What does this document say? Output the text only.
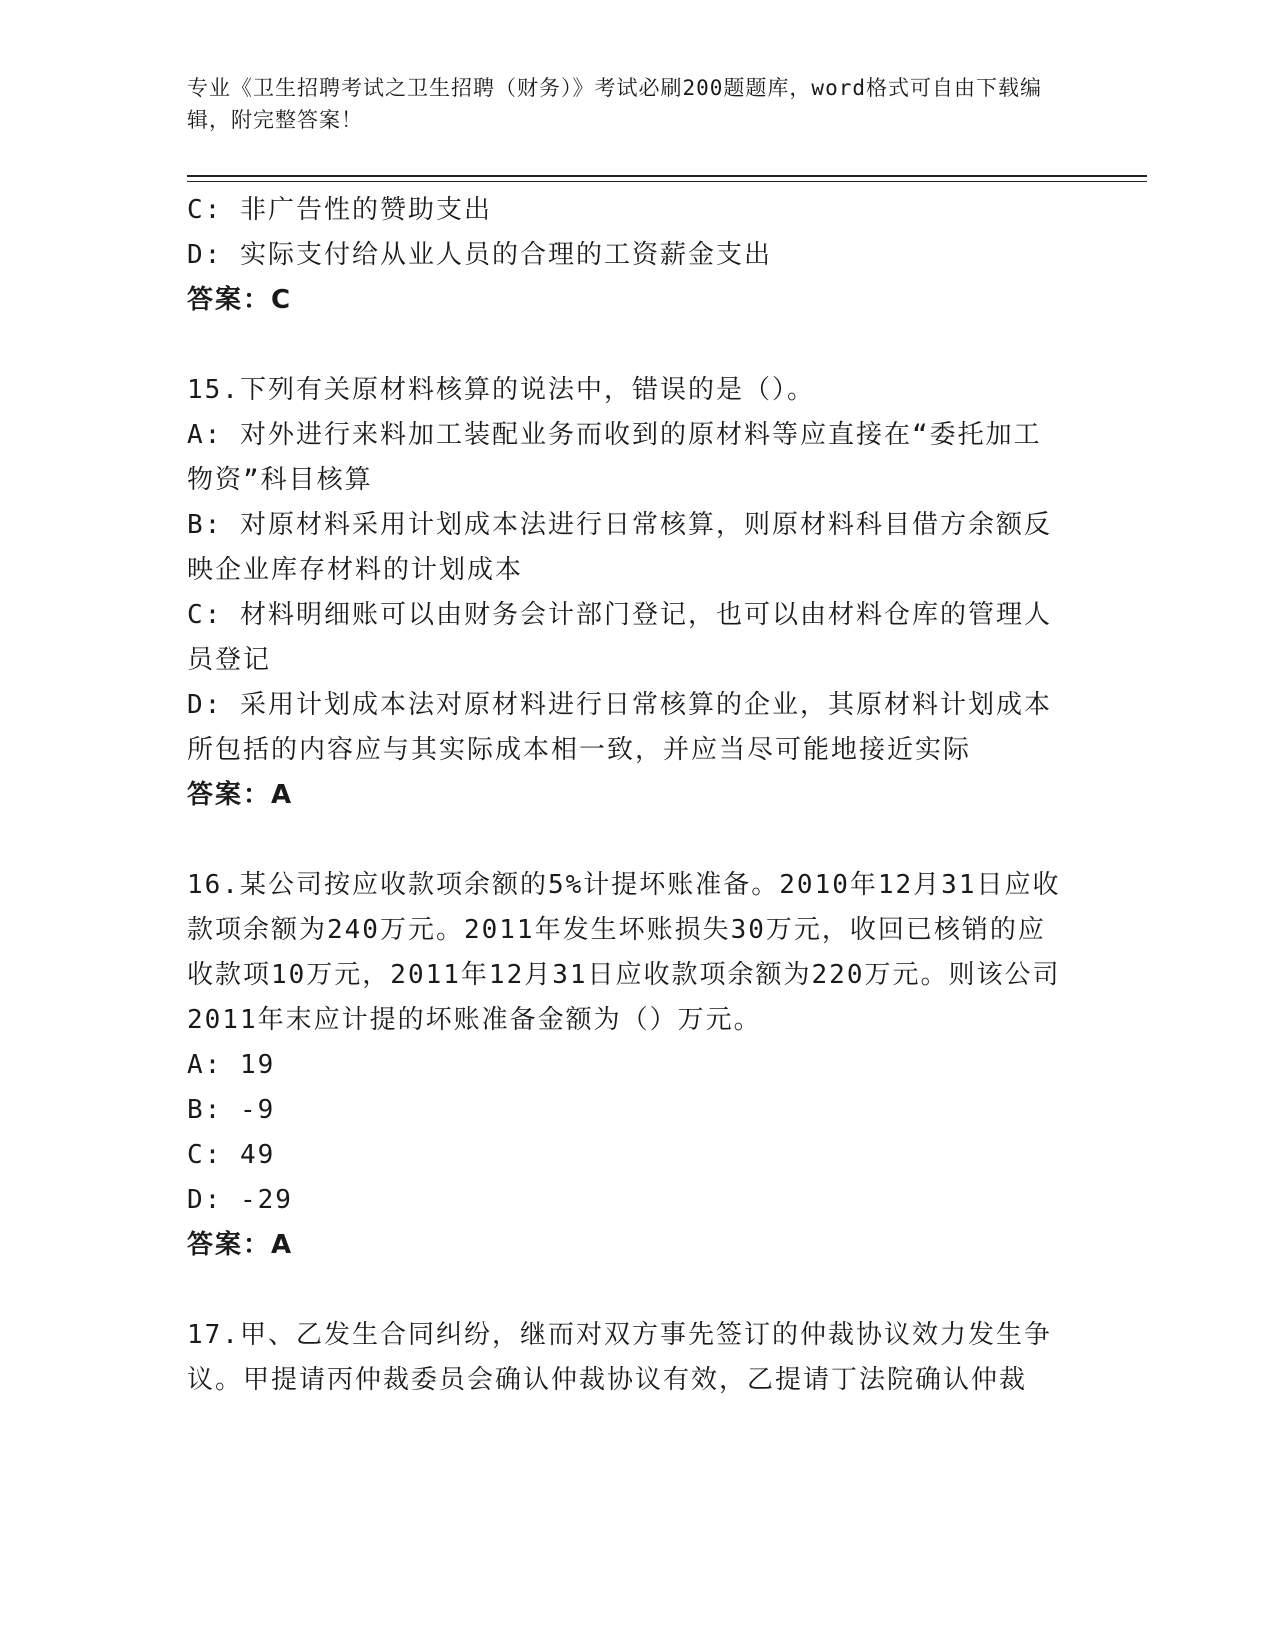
专业《卫生招聘考试之卫生招聘（财务）》考试必刷200题题库，word格式可自由下载编辑，附完整答案！

C: 非广告性的赞助支出

D: 实际支付给从业人员的合理的工资薪金支出

答案：C

15.下列有关原材料核算的说法中，错误的是（）。

A: 对外进行来料加工装配业务而收到的原材料等应直接在“委托加工物资”科目核算

B: 对原材料采用计划成本法进行日常核算，则原材料科目借方余额反映企业库存材料的计划成本

C: 材料明细账可以由财务会计部门登记，也可以由材料仓库的管理人员登记

D: 采用计划成本法对原材料进行日常核算的企业，其原材料计划成本所包括的内容应与其实际成本相一致，并应当尽可能地接近实际

答案：A

16.某公司按应收款项余额的5%计提坏账准备。2010年12月31日应收款项余额为240万元。2011年发生坏账损失30万元，收回已核销的应收款项10万元，2011年12月31日应收款项余额为220万元。则该公司2011年末应计提的坏账准备金额为（）万元。

A: 19

B: -9

C: 49

D: -29

答案：A

17.甲、乙发生合同纠纷，继而对双方事先签订的仲裁协议效力发生争议。甲提请丙仲裁委员会确认仲裁协议有效，乙提请丁法院确认仲裁
